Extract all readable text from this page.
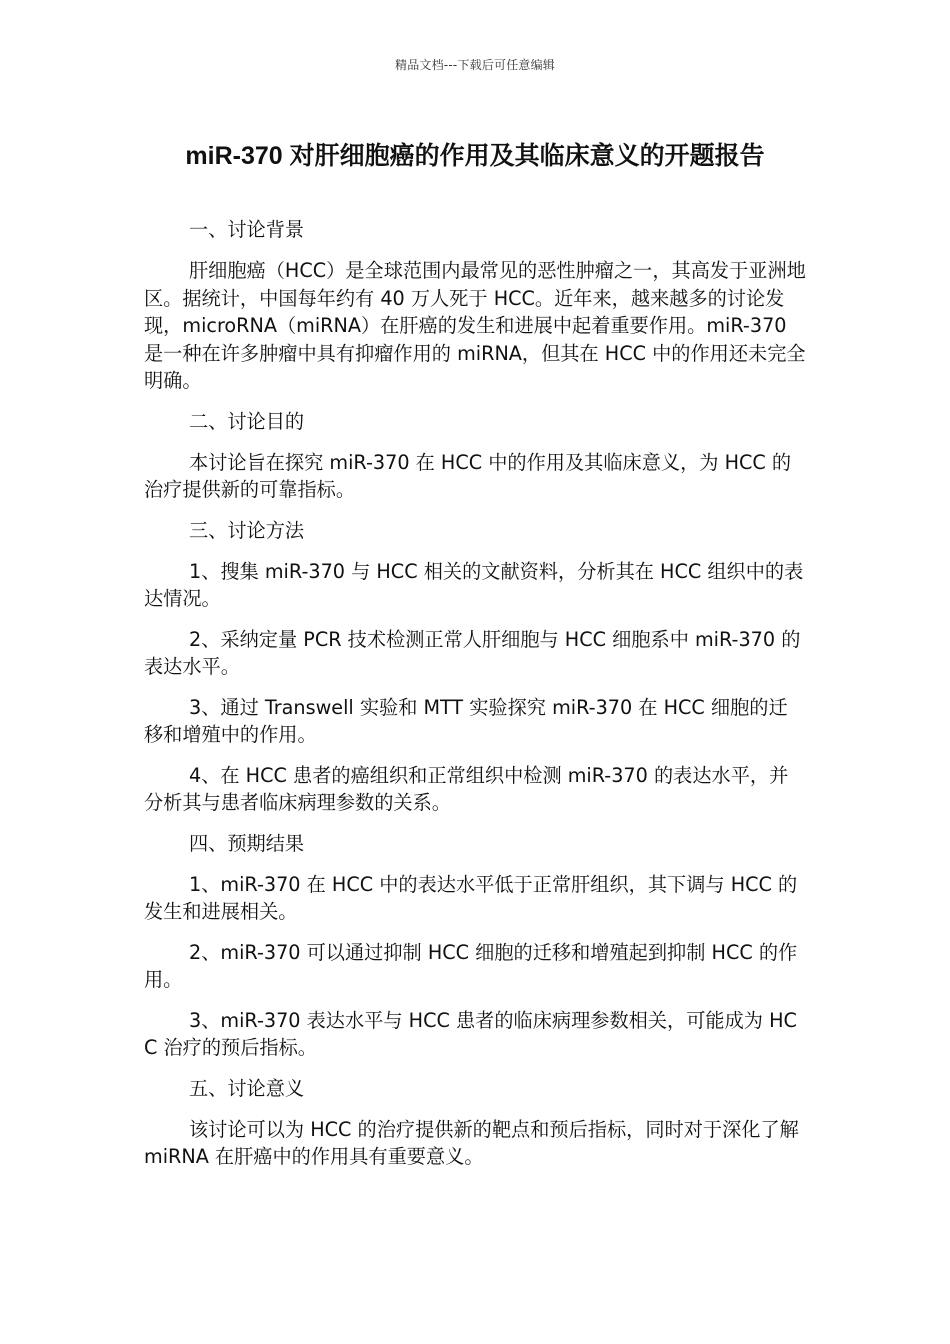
精品文档---下载后可任意编辑
miR-370 对肝细胞癌的作用及其临床意义的开题报告

一、讨论背景

肝细胞癌（HCC）是全球范围内最常见的恶性肿瘤之一，其高发于亚洲地区。据统计，中国每年约有 40 万人死于 HCC。近年来，越来越多的讨论发现，microRNA（miRNA）在肝癌的发生和进展中起着重要作用。miR-370 是一种在许多肿瘤中具有抑瘤作用的 miRNA，但其在 HCC 中的作用还未完全明确。

二、讨论目的

本讨论旨在探究 miR-370 在 HCC 中的作用及其临床意义，为 HCC 的治疗提供新的可靠指标。

三、讨论方法

1、搜集 miR-370 与 HCC 相关的文献资料，分析其在 HCC 组织中的表达情况。

2、采纳定量 PCR 技术检测正常人肝细胞与 HCC 细胞系中 miR-370 的表达水平。

3、通过 Transwell 实验和 MTT 实验探究 miR-370 在 HCC 细胞的迁移和增殖中的作用。

4、在 HCC 患者的癌组织和正常组织中检测 miR-370 的表达水平，并分析其与患者临床病理参数的关系。

四、预期结果

1、miR-370 在 HCC 中的表达水平低于正常肝组织，其下调与 HCC 的发生和进展相关。

2、miR-370 可以通过抑制 HCC 细胞的迁移和增殖起到抑制 HCC 的作用。

3、miR-370 表达水平与 HCC 患者的临床病理参数相关，可能成为 HCC 治疗的预后指标。

五、讨论意义

该讨论可以为 HCC 的治疗提供新的靶点和预后指标，同时对于深化了解 miRNA 在肝癌中的作用具有重要意义。
